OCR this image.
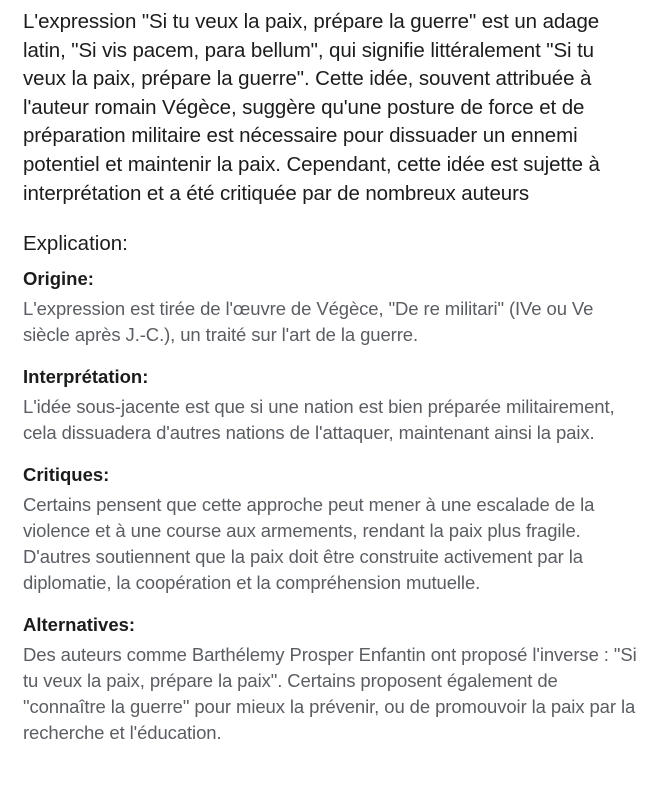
L'expression "Si tu veux la paix, prépare la guerre" est un adage latin, "Si vis pacem, para bellum", qui signifie littéralement "Si tu veux la paix, prépare la guerre". Cette idée, souvent attribuée à l'auteur romain Végèce, suggère qu'une posture de force et de préparation militaire est nécessaire pour dissuader un ennemi potentiel et maintenir la paix. Cependant, cette idée est sujette à interprétation et a été critiquée par de nombreux auteurs

Explication:

Origine:

L'expression est tirée de l'œuvre de Végèce, "De re militari" (IVe ou Ve siècle après J.-C.), un traité sur l'art de la guerre.

Interprétation:

L'idée sous-jacente est que si une nation est bien préparée militairement, cela dissuadera d'autres nations de l'attaquer, maintenant ainsi la paix.

Critiques:

Certains pensent que cette approche peut mener à une escalade de la violence et à une course aux armements, rendant la paix plus fragile. D'autres soutiennent que la paix doit être construite activement par la diplomatie, la coopération et la compréhension mutuelle.

Alternatives:

Des auteurs comme Barthélemy Prosper Enfantin ont proposé l'inverse : "Si tu veux la paix, prépare la paix". Certains proposent également de "connaître la guerre" pour mieux la prévenir, ou de promouvoir la paix par la recherche et l'éducation.
